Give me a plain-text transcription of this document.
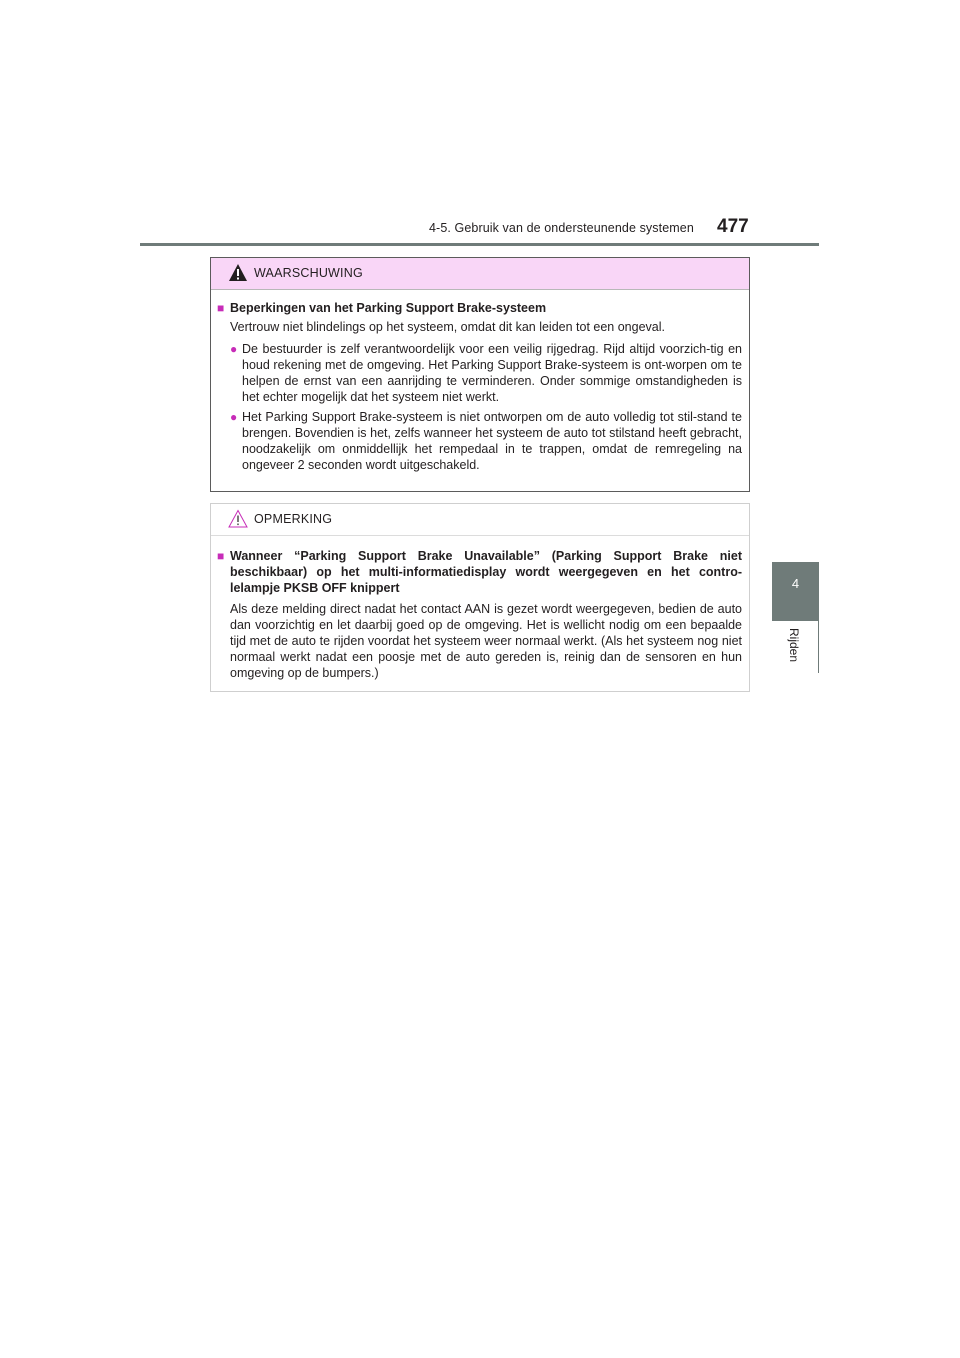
4-5. Gebruik van de ondersteunende systemen 477
4
Rijden
WAARSCHUWING
■ Beperkingen van het Parking Support Brake-systeem
Vertrouw niet blindelings op het systeem, omdat dit kan leiden tot een ongeval.
● De bestuurder is zelf verantwoordelijk voor een veilig rijgedrag. Rijd altijd voorzich-tig en houd rekening met de omgeving. Het Parking Support Brake-systeem is ont-worpen om te helpen de ernst van een aanrijding te verminderen. Onder sommige omstandigheden is het echter mogelijk dat het systeem niet werkt.
● Het Parking Support Brake-systeem is niet ontworpen om de auto volledig tot stil-stand te brengen. Bovendien is het, zelfs wanneer het systeem de auto tot stilstand heeft gebracht, noodzakelijk om onmiddellijk het rempedaal in te trappen, omdat de remregeling na ongeveer 2 seconden wordt uitgeschakeld.
OPMERKING
■ Wanneer “Parking Support Brake Unavailable” (Parking Support Brake niet beschikbaar) op het multi-informatiedisplay wordt weergegeven en het contro-lelampje PKSB OFF knippert
Als deze melding direct nadat het contact AAN is gezet wordt weergegeven, bedien de auto dan voorzichtig en let daarbij goed op de omgeving. Het is wellicht nodig om een bepaalde tijd met de auto te rijden voordat het systeem weer normaal werkt. (Als het systeem nog niet normaal werkt nadat een poosje met de auto gereden is, reinig dan de sensoren en hun omgeving op de bumpers.)
